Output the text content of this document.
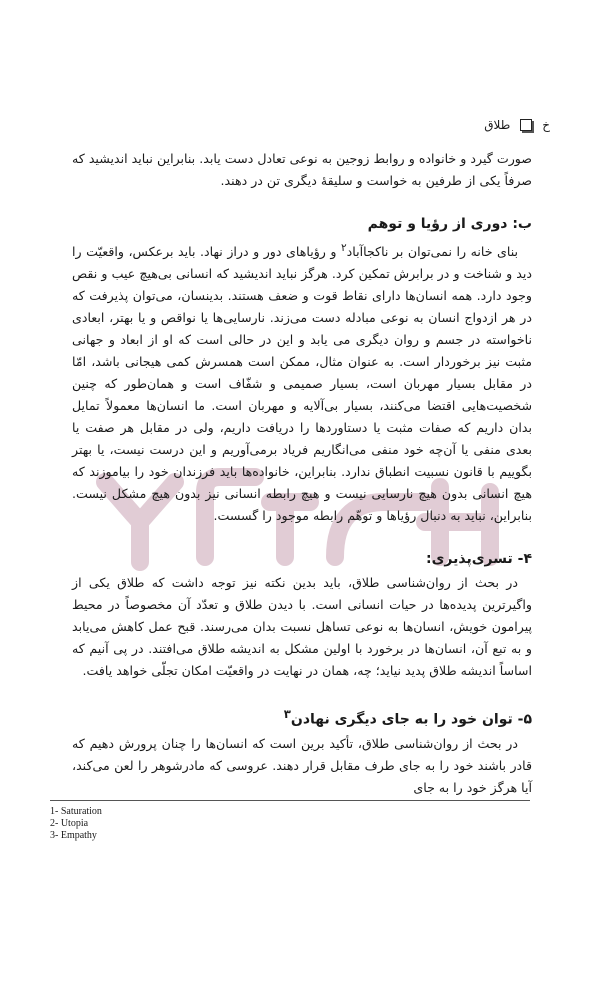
خ
طلاق

صورت گیرد و خانواده و روابط زوجین به نوعی تعادل دست یابد. بنابراین نباید اندیشید که صرفاً یکی از طرفین به خواست و سلیقهٔ دیگری تن در دهند.

ب: دوری از رؤیا و توهم

بنای خانه را نمی‌توان بر ناکجاآباد$^۲$ و رؤیاهای دور و دراز نهاد. باید برعکس، واقعیّت را دید و شناخت و در برابرش تمکین کرد. هرگز نباید اندیشید که انسانی بی‌هیچ عیب و نقص وجود دارد. همه انسان‌ها دارای نقاط قوت و ضعف هستند. بدینسان، می‌توان پذیرفت که در هر ازدواج انسان به نوعی مبادله دست می‌زند. نارسایی‌ها یا نواقص و یا بهتر، ابعادی ناخواسته در جسم و روان دیگری می یابد و این در حالی است که او از ابعاد و جهانی مثبت نیز برخوردار است. به عنوان مثال، ممکن است همسرش کمی هیجانی باشد، امّا در مقابل بسیار مهربان است، بسیار صمیمی و شفّاف است و همان‌طور که چنین شخصیت‌هایی اقتضا می‌کنند، بسیار بی‌آلایه و مهربان است. ما انسان‌ها معمولاً تمایل بدان داریم که صفات مثبت یا دستاوردها را دریافت داریم، ولی در مقابل هر صفت یا بعدی منفی یا آن‌چه خود منفی می‌انگاریم فریاد برمی‌آوریم و این درست نیست، یا بهتر بگوییم با قانون نسبیت انطباق ندارد. بنابراین، خانواده‌ها باید فرزندان خود را بیاموزند که هیچ انسانی بدون هیچ نارسایی نیست و هیچ رابطه انسانی نیز بدون هیچ مشکل نیست. بنابراین، نباید به دنبال رؤیاها و توهّم رابطه موجود را گسست.

۴- تسری‌پذیری:

در بحث از روان‌شناسی طلاق، باید بدین نکته نیز توجه داشت که طلاق یکی از واگیرترین پدیده‌ها در حیات انسانی است. با دیدن طلاق و تعدّد آن مخصوصاً در محیط پیرامون خویش، انسان‌ها به نوعی تساهل نسبت بدان می‌رسند. قبح عمل کاهش می‌یابد و به تبع آن، انسان‌ها در برخورد با اولین مشکل به اندیشه طلاق می‌افتند. در پی آنیم که اساساً اندیشه طلاق پدید نیاید؛ چه، همان در نهایت در واقعیّت امکان تجلّی خواهد یافت.

۵- توان خود را به جای دیگری نهادن$^۳$

در بحث از روان‌شناسی طلاق، تأکید برین است که انسان‌ها را چنان پرورش دهیم که قادر باشند خود را به جای طرف مقابل قرار دهند. عروسی که مادرشوهر را لعن می‌کند، آیا هرگز خود را به جای

1- Saturation
2- Utopia
3- Empathy
